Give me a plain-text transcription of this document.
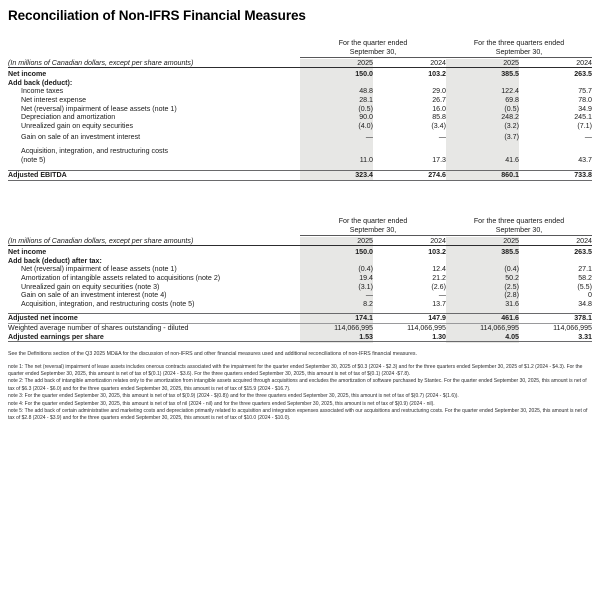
Reconciliation of Non-IFRS Financial Measures
	For the quarter ended
September 30,		For the three quarters ended
September 30,	

(In millions of Canadian dollars, except per share amounts)	2025	2024	2025	2024

Net income	150.0	103.2	385.5	263.5
Add back (deduct):				
Income taxes	48.8	29.0	122.4	75.7
Net interest expense	28.1	26.7	69.8	78.0
Net (reversal) impairment of lease assets (note 1)	(0.5)	16.0	(0.5)	34.9
Depreciation and amortization	90.0	85.8	248.2	245.1
Unrealized gain on equity securities	(4.0)	(3.4)	(3.2)	(7.1)
Gain on sale of an investment interest	—	—	(3.7)	—
Acquisition, integration, and restructuring costs
(note 5)	11.0	17.3	41.6	43.7

Adjusted EBITDA	323.4	274.6	860.1	733.8

	For the quarter ended
September 30,		For the three quarters ended
September 30,	

(In millions of Canadian dollars, except per share amounts)	2025	2024	2025	2024

Net income	150.0	103.2	385.5	263.5
Add back (deduct) after tax:				
Net (reversal) impairment of lease assets (note 1)	(0.4)	12.4	(0.4)	27.1
Amortization of intangible assets related to acquisitions (note 2)	19.4	21.2	50.2	58.2
Unrealized gain on equity securities (note 3)	(3.1)	(2.6)	(2.5)	(5.5)
Gain on sale of an investment interest (note 4)	—	—	(2.8)	0
Acquisition, integration, and restructuring costs (note 5)	8.2	13.7	31.6	34.8

Adjusted net income	174.1	147.9	461.6	378.1

Weighted average number of shares outstanding - diluted	114,066,995	114,066,995	114,066,995	114,066,995
Adjusted earnings per share	1.53	1.30	4.05	3.31

See the Definitions section of the Q3 2025 MD&A for the discussion of non-IFRS and other financial measures used and additional reconciliations of non-IFRS financial measures.

note 1: The net (reversal) impairment of lease assets includes onerous contracts associated with the impairment for the quarter ended September 30, 2025 of $0.3 (2024 - $2.3) and for the three quarters ended September 30, 2025 of $1.2 (2024 - $4.3). For the quarter ended September 30, 2025, this amount is net of tax of $(0.1) (2024 - $3.6). For the three quarters ended September 30, 2025, this amount is net of tax of $(0.1) (2024 -$7.8).

note 2: The add back of intangible amortization relates only to the amortization from intangible assets acquired through acquisitions and excludes the amortization of software purchased by Stantec. For the quarter ended September 30, 2025, this amount is net of tax of $6.3 (2024 - $6.0) and for the three quarters ended September 30, 2025, this amount is net of tax of $15.9 (2024 - $16.7).

note 3: For the quarter ended September 30, 2025, this amount is net of tax of $(0.9) (2024 - $(0.8)) and for the three quarters ended September 30, 2025, this amount is net of tax of $(0.7) (2024 - $(1.6)).

note 4: For the quarter ended September 30, 2025, this amount is net of tax of nil (2024 - nil) and for the three quarters ended September 30, 2025, this amount is net of tax of $(0.9) (2024 - nil).

note 5: The add back of certain administrative and marketing costs and depreciation primarily related to acquisition and integration expenses associated with our acquisitions and restructuring costs. For the quarter ended September 30, 2025, this amount is net of tax of $2.8 (2024 - $3.9) and for the three quarters ended September 30, 2025, this amount is net of tax of $10.0 (2024 - $10.0).
